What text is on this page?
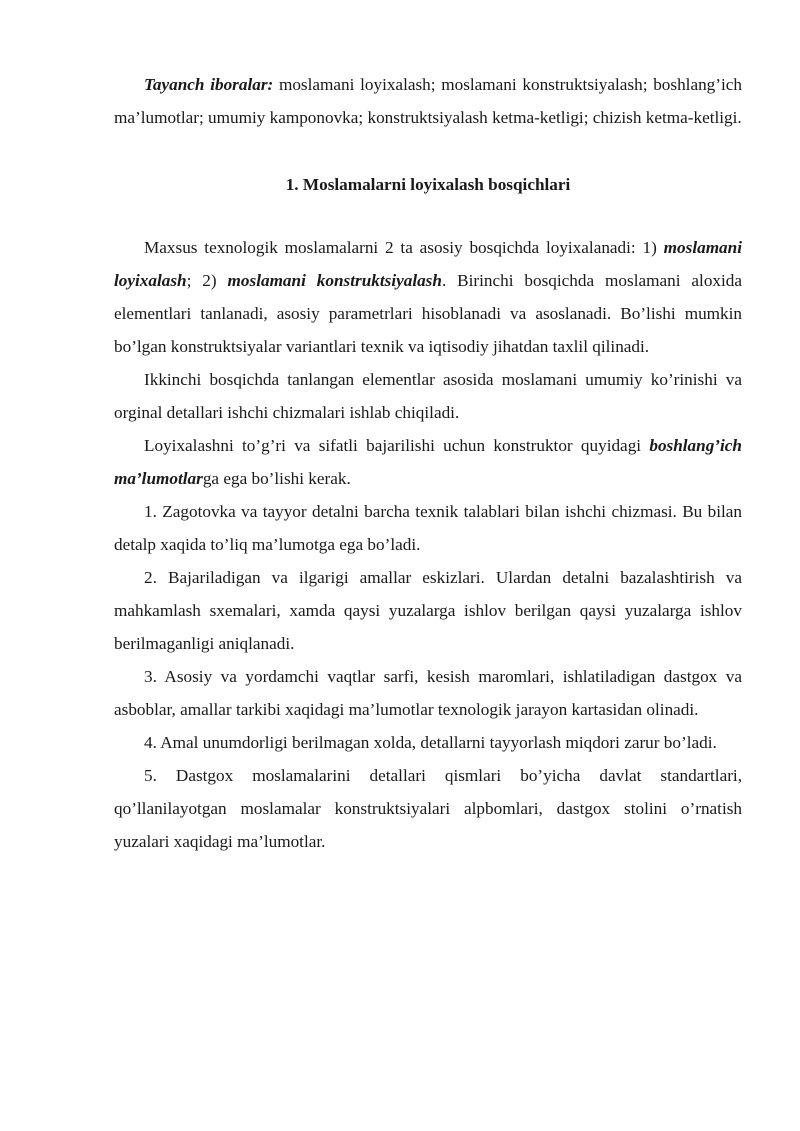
Tayanch iboralar: moslamani loyixalash; moslamani konstruktsiyalash; boshlang’ich ma’lumotlar; umumiy kamponovka; konstruktsiyalash ketma-ketligi; chizish ketma-ketligi.

1. Moslamalarni loyixalash bosqichlari

Maxsus texnologik moslamalarni 2 ta asosiy bosqichda loyixalanadi: 1) moslamani loyixalash; 2) moslamani konstruktsiyalash. Birinchi bosqichda moslamani aloxida elementlari tanlanadi, asosiy parametrlari hisoblanadi va asoslanadi. Bo’lishi mumkin bo’lgan konstruktsiyalar variantlari texnik va iqtisodiy jihatdan taxlil qilinadi.

Ikkinchi bosqichda tanlangan elementlar asosida moslamani umumiy ko’rinishi va orginal detallari ishchi chizmalari ishlab chiqiladi.

Loyixalashni to’g’ri va sifatli bajarilishi uchun konstruktor quyidagi boshlang’ich ma’lumotlarga ega bo’lishi kerak.

1. Zagotovka va tayyor detalni barcha texnik talablari bilan ishchi chizmasi. Bu bilan detalp xaqida to’liq ma’lumotga ega bo’ladi.

2. Bajariladigan va ilgarigi amallar eskizlari. Ulardan detalni bazalashtirish va mahkamlash sxemalari, xamda qaysi yuzalarga ishlov berilgan qaysi yuzalarga ishlov berilmaganligi aniqlanadi.

3. Asosiy va yordamchi vaqtlar sarfi, kesish maromlari, ishlatiladigan dastgox va asboblar, amallar tarkibi xaqidagi ma’lumotlar texnologik jarayon kartasidan olinadi.

4. Amal unumdorligi berilmagan xolda, detallarni tayyorlash miqdori zarur bo’ladi.

5. Dastgox moslamalarini detallari qismlari bo’yicha davlat standartlari, qo’llanilayotgan moslamalar konstruktsiyalari alpbomlari, dastgox stolini o’rnatish yuzalari xaqidagi ma’lumotlar.
